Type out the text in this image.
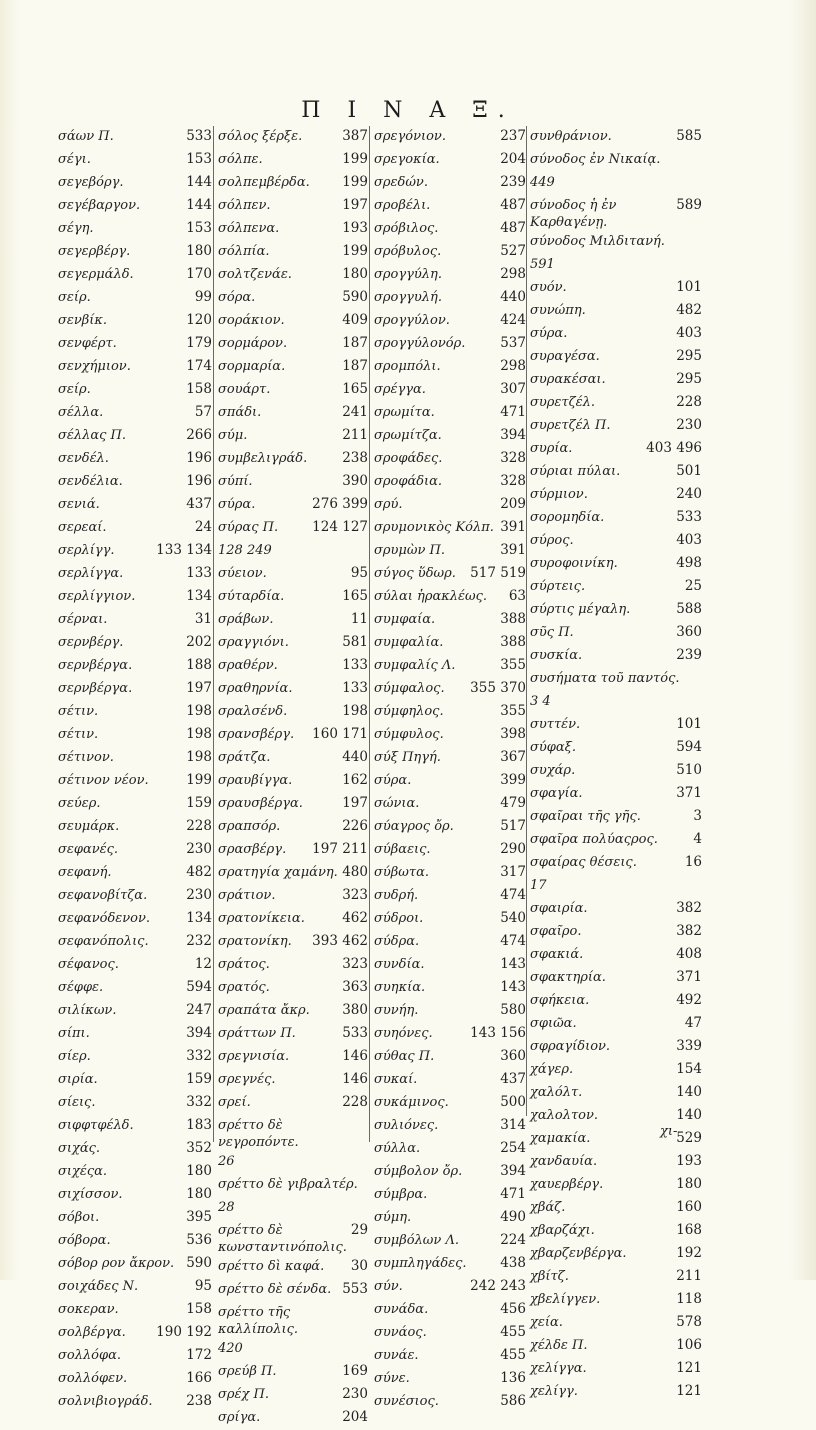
Π Ι Ν Α Ξ.
σάων Π.	533
σέγι.	153
σεγεβόργ.	144
σεγέβαργον.	144
σέγη.	153
σεγερβέργ.	180
σεγερμάλδ.	170
σείρ.	99
σενβίκ.	120
σενφέρτ.	179
σενχήμιον.	174
σείρ.	158
σέλλα.	57
σέλλας Π.	266
σενδέλ.	196
σενδέλια.	196
σενιά.	437
σερεαί.	24
σερλίγγ.	133 134
σερλίγγα.	133
σερλίγγιον.	134
σέρναι.	31
σερνβέργ.	202
σερνβέργα.	188
σερνβέργα.	197
σέτιν.	198
σέτιν.	198
σέτινον.	198
σέτινον νέον.	199
σεύερ.	159
σευμάρκ.	228
σεφανές.	230
σεφανή.	482
σεφανοβίτζα.	230
σεφανόδενον.	134
σεφανόπολις.	232
σέφανος.	12
σέφφε.	594
σιλίκων.	247
σίπι.	394
σίερ.	332
σιρία.	159
σίεις.	332
σιφφτφέλδ.	183
σιχάς.	352
σιχέςα.	180
σιχίσσον.	180
σόβοι.	395
σόβορα.	536
σόβορ ρον ἄκρον. 590
σοιχάδες Ν.	95
σοκεραν.	158
σολβέργα.	190 192
σολλόφα.	172
σολλόφεν.	166
σολνιβιογράδ.	238
σόλος ξέρξε.	387
σόλπε.	199
σολπεμβέρδα.	199
σόλπεν.	197
σόλπενα.	193
σόλπία.	199
σολτζενάε.	180
σόρα.	590
σοράκιον.	409
σορμάρον.	187
σορμαρία.	187
σουάρτ.	165
σπάδι.	241
σύμ.	211
συμβελιγράδ.	238
σύπί.	390
σύρα.	276 399
σύρας Π.	124 127
128 249
σύειον.	95
σύταρδία.	165
σράβων.	11
σραγγιόνι.	581
σραθέρν.	133
σραθηρνία.	133
σραλσένδ.	198
σρανσβέργ.	160 171
σράτζα.	440
σραυβίγγα.	162
σραυσβέργα.	197
σραπσόρ.	226
σρασβέργ.	197 211
σρατηγία χαμάνη. 480
σράτιον.	323
σρατονίκεια.	462
σρατονίκη.	393 462
σράτος.	323
σρατός.	363
σραπάτα ἄκρ.	380
σράττων Π.	533
σρεγνισία.	146
σρεγνές.	146
σρεί.	228
σρέττο δὲ νεγροπόντε.
26
σρέττο δὲ γιβραλτέρ.
28
σρέττο δὲ κωνσταντινόπολις.
29
σρέττο δὶ καφά.	30
σρέττο δὲ σένδα. 553
σρέττο τῆς καλλίπολις.
420
σρεύβ Π.	169
σρέχ Π.	230
σρίγα.	204
σρεγόνιον.	237
σρεγοκία.	204
σρεδών.	239
σροβέλι.	487
σρόβιλος.	487
σρόβυλος.	527
σρογγύλη.	298
σρογγυλή.	440
σρογγύλον.	424
σρογγύλονόρ.	537
σρομπόλι.	298
σρέγγα.	307
σρωμίτα.	471
σρωμίτζα.	394
σροφάδες.	328
σροφάδια.	328
σρύ.	209
σρυμονικὸς Κόλπ. 391
σρυμὼν Π.	391
σύγος ὕδωρ.	517 519
σύλαι ἡρακλέως.	63
συμφαία.	388
συμφαλία.	388
συμφαλίς Λ.	355
σύμφαλος.	355 370
σύμφηλος.	355
σύμφυλος.	398
σύξ Πηγή.	367
σύρα.	399
σώνια.	479
σύαγρος ὄρ.	517
σύβαεις.	290
σύβωτα.	317
συδρή.	474
σύδροι.	540
σύδρα.	474
συνδία.	143
συηκία.	143
συνήη.	580
συηόνες.	143 156
σύθας Π.	360
συκαί.	437
συκάμινος.	500
συλιόνες.	314
σύλλα.	254
σύμβολον ὄρ.	394
σύμβρα.	471
σύμη.	490
συμβόλων Λ.	224
συμπληγάδες.	438
σύν.	242 243
συνάδα.	456
συνάος.	455
συνάε.	455
σύνε.	136
συνέσιος.	586
συνθράνιον.	585
σύνοδος ἐν Νικαίᾳ.
449
σύνοδος ἡ ἐν Καρθαγένῃ.
589
σύνοδος Μιλδιτανή.
591
συόν.	101
συνώπη.	482
σύρα.	403
συραγέσα.	295
συρακέσαι.	295
συρετζέλ.	228
συρετζέλ Π.	230
συρία.	403 496
σύριαι πύλαι.	501
σύρμιον.	240
σορομηδία.	533
σύρος.	403
συροφοινίκη.	498
σύρτεις.	25
σύρτις μέγαλη.	588
σῦς Π.	360
συσκία.	239
συσήματα τοῦ παντός.
3 4
συττέν.	101
σύφαξ.	594
συχάρ.	510
σφαγία.	371
σφαῖραι τῆς γῆς.	3
σφαῖρα πολύαςρος.	4
σφαίρας θέσεις.	16
17
σφαιρία.	382
σφαῖρο.	382
σφακιά.	408
σφακτηρία.	371
σφήκεια.	492
σφιῶα.	47
σφραγίδιον.	339
χάγερ.	154
χαλόλτ.	140
χαλολτον.	140
χαμακία.	529
χανδαυία.	193
χαυερβέργ.	180
χβάζ.	160
χβαρζάχι.	168
χβαρζενβέργα.	192
χβίτζ.	211
χβελίγγεν.	118
χεία.	578
χέλδε Π.	106
χελίγγα.	121
χελίγγ.	121
χι-
